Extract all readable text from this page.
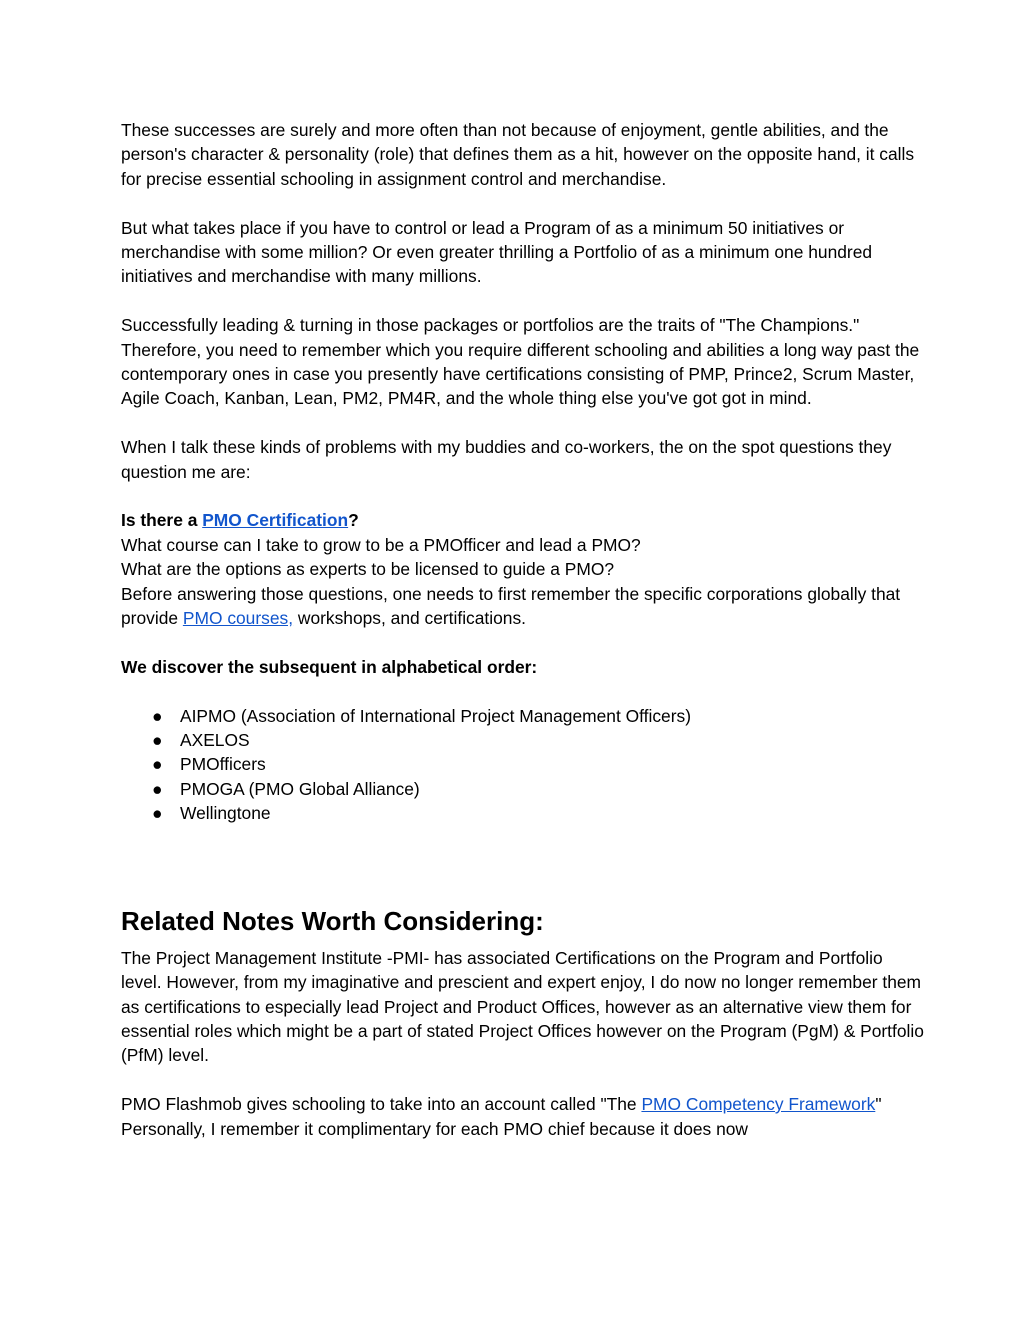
These successes are surely and more often than not because of enjoyment, gentle abilities, and the person's character & personality (role) that defines them as a hit, however on the opposite hand, it calls for precise essential schooling in assignment control and merchandise.

But what takes place if you have to control or lead a Program of as a minimum 50 initiatives or merchandise with some million? Or even greater thrilling a Portfolio of as a minimum one hundred initiatives and merchandise with many millions.

Successfully leading & turning in those packages or portfolios are the traits of "The Champions." Therefore, you need to remember which you require different schooling and abilities a long way past the contemporary ones in case you presently have certifications consisting of PMP, Prince2, Scrum Master, Agile Coach, Kanban, Lean, PM2, PM4R, and the whole thing else you've got got in mind.

When I talk these kinds of problems with my buddies and co-workers, the on the spot questions they question me are:

Is there a PMO Certification?

What course can I take to grow to be a PMOfficer and lead a PMO?

What are the options as experts to be licensed to guide a PMO?

Before answering those questions, one needs to first remember the specific corporations globally that provide PMO courses, workshops, and certifications.

We discover the subsequent in alphabetical order:

●	AIPMO (Association of International Project Management Officers)
●	AXELOS
●	PMOfficers
●	PMOGA (PMO Global Alliance)
●	Wellingtone
Related Notes Worth Considering:

The Project Management Institute -PMI- has associated Certifications on the Program and Portfolio level. However, from my imaginative and prescient and expert enjoy, I do now no longer remember them as certifications to especially lead Project and Product Offices, however as an alternative view them for essential roles which might be a part of stated Project Offices however on the Program (PgM) & Portfolio (PfM) level.

PMO Flashmob gives schooling to take into an account called "The PMO Competency Framework" Personally, I remember it complimentary for each PMO chief because it does now
